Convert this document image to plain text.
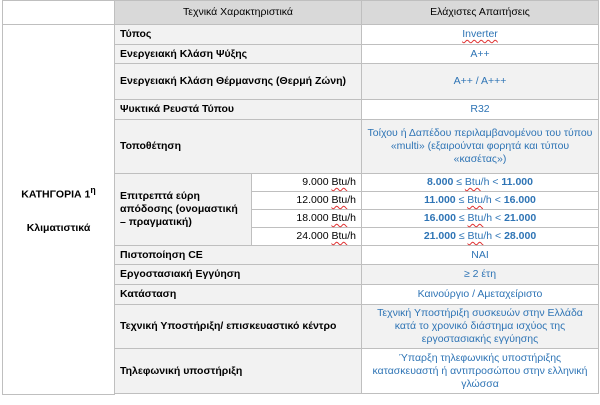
	Τεχνικά Χαρακτηριστικά		Ελάχιστες Απαιτήσεις

ΚΑΤΗΓΟΡΙΑ $1^\eta$
Κλιματιστικά	Τύπος		Inverter
	Ενεργειακή Κλάση Ψύξης		A++
	Ενεργειακή Κλάση Θέρμανσης (Θερμή Ζώνη)		A++ / A+++
	Ψυκτικά Ρευστά Τύπου		R32
	Τοποθέτηση		Τοίχου ή Δαπέδου περιλαμβανομένου του τύπου «multi» (εξαιρούνται φορητά και τύπου «κασέτας»)
	Επιτρεπτά εύρη απόδοσης (ονομαστική – πραγματική)	9.000 Btu/h	8.000 ≤ Btu/h < 11.000
		12.000 Btu/h	11.000 ≤ Btu/h < 16.000
		18.000 Btu/h	16.000 ≤ Btu/h < 21.000
		24.000 Btu/h	21.000 ≤ Btu/h < 28.000
	Πιστοποίηση CE		ΝΑΙ
	Εργοστασιακή Εγγύηση		≥ 2 έτη
	Κατάσταση		Καινούργιο / Αμεταχείριστο
	Τεχνική Υποστήριξη/ επισκευαστικό κέντρο		Τεχνική Υποστήριξη συσκευών στην Ελλάδα κατά το χρονικό διάστημα ισχύος της εργοστασιακής εγγύησης
	Τηλεφωνική υποστήριξη		Ύπαρξη τηλεφωνικής υποστήριξης κατασκευαστή ή αντιπροσώπου στην ελληνική γλώσσα
